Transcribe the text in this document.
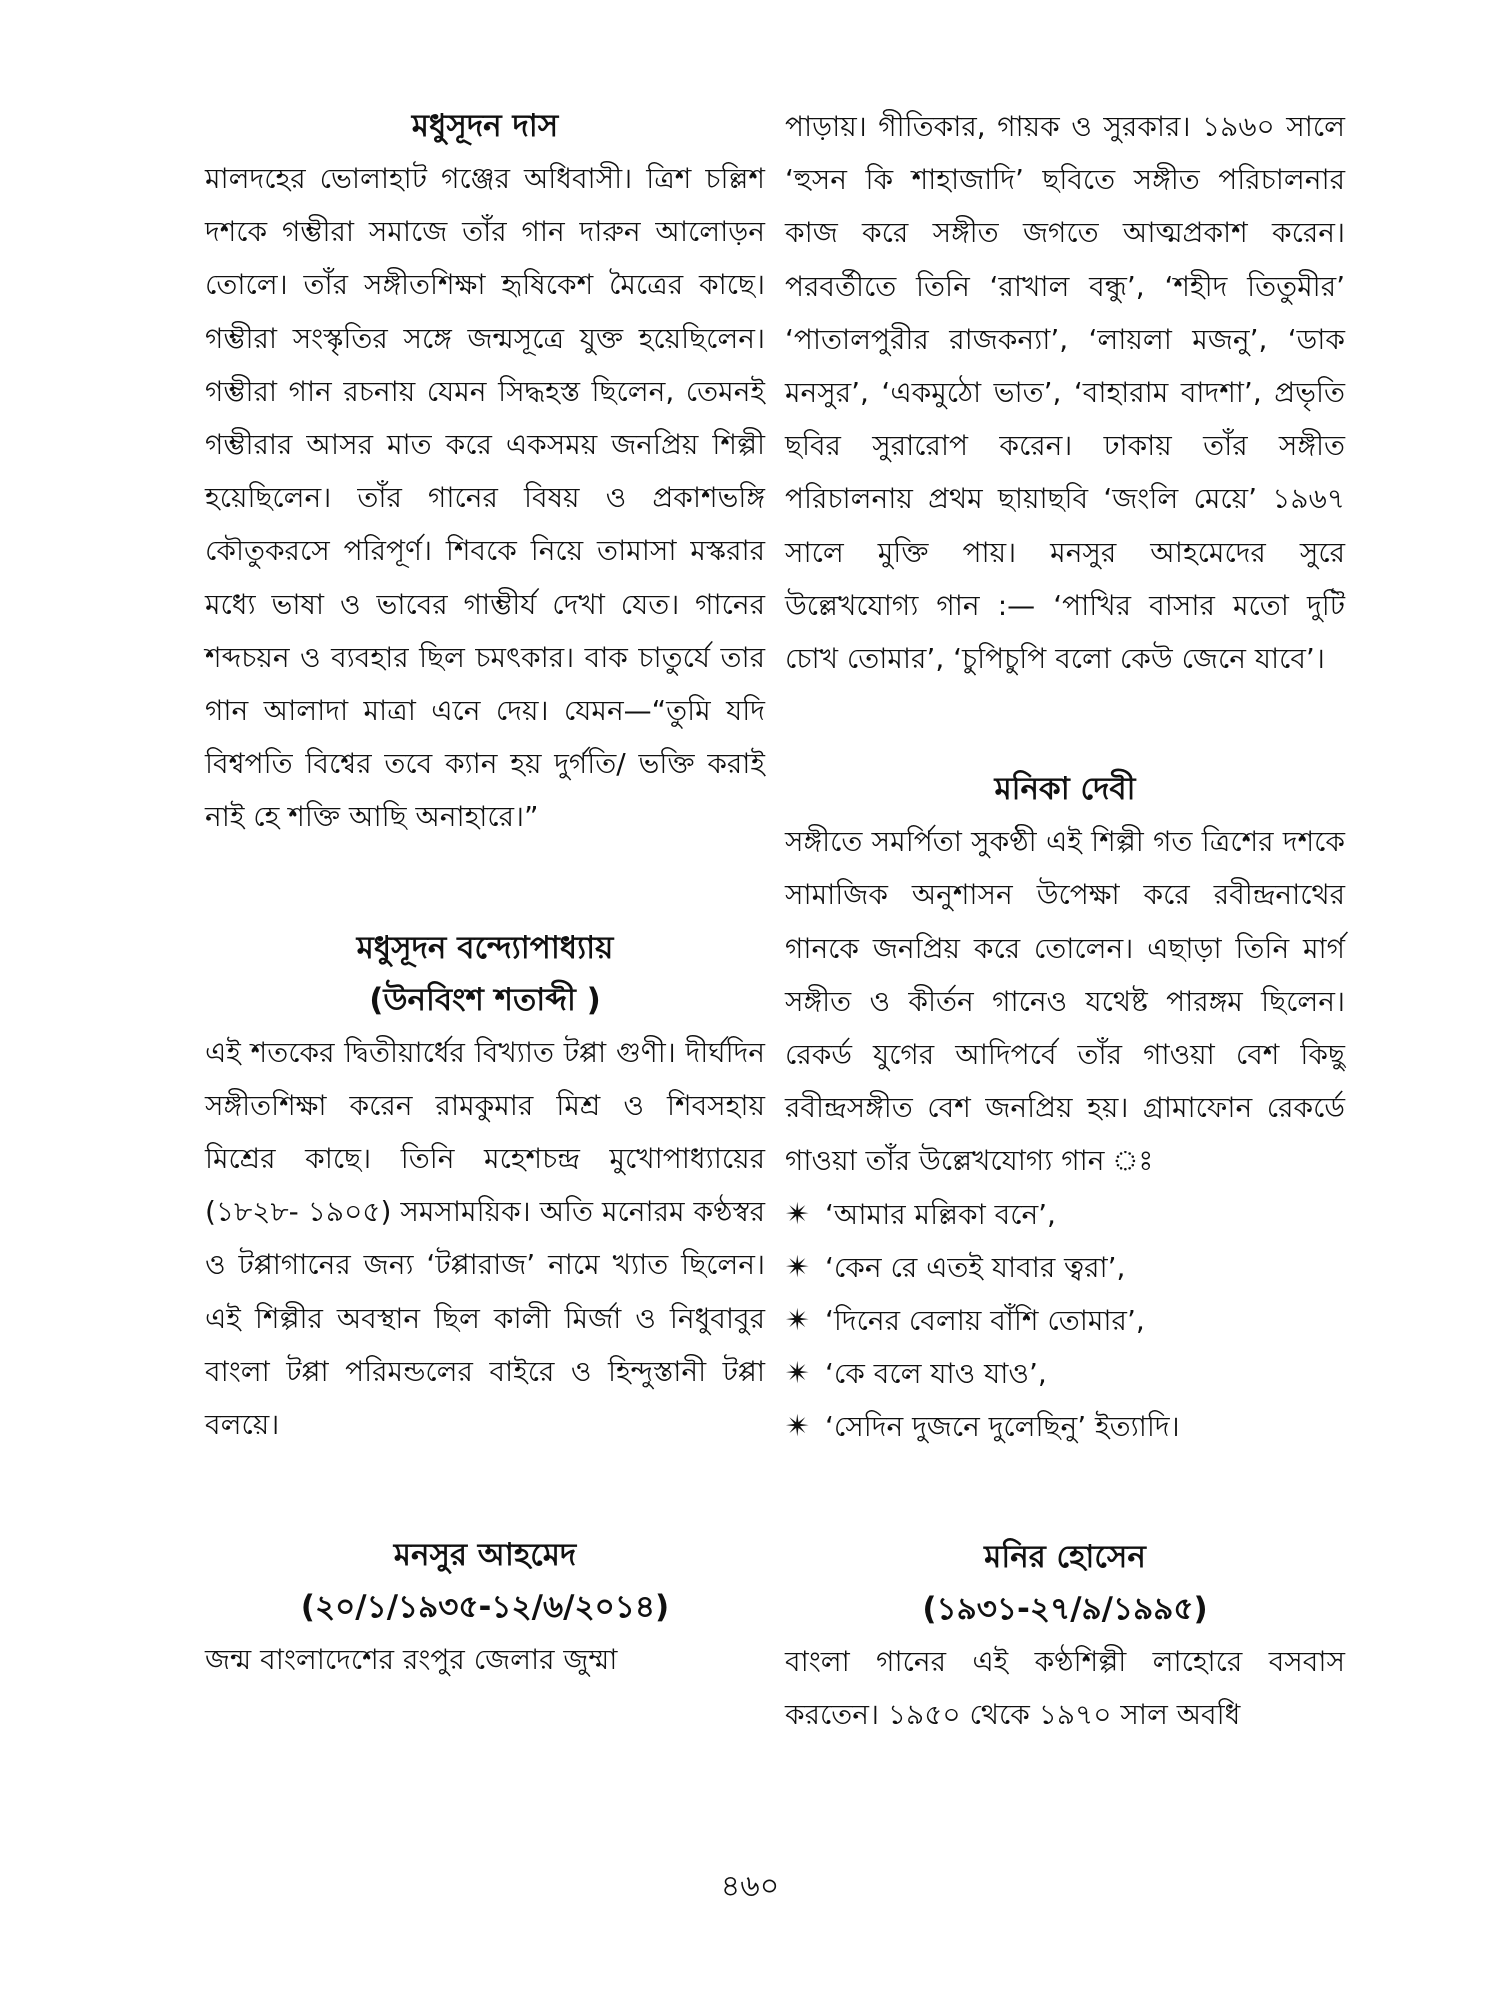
মধুসূদন দাস

মালদহের ভোলাহাট গঞ্জের অধিবাসী। ত্রিশ চল্লিশ দশকে গম্ভীরা সমাজে তাঁর গান দারুন আলোড়ন তোলে। তাঁর সঙ্গীতশিক্ষা হৃষিকেশ মৈত্রের কাছে। গম্ভীরা সংস্কৃতির সঙ্গে জন্মসূত্রে যুক্ত হয়েছিলেন। গম্ভীরা গান রচনায় যেমন সিদ্ধহস্ত ছিলেন, তেমনই গম্ভীরার আসর মাত করে একসময় জনপ্রিয় শিল্পী হয়েছিলেন। তাঁর গানের বিষয় ও প্রকাশভঙ্গি কৌতুকরসে পরিপূর্ণ। শিবকে নিয়ে তামাসা মস্করার মধ্যে ভাষা ও ভাবের গাম্ভীর্য দেখা যেত। গানের শব্দচয়ন ও ব্যবহার ছিল চমৎকার। বাক চাতুর্যে তার গান আলাদা মাত্রা এনে দেয়। যেমন—“তুমি যদি বিশ্বপতি বিশ্বের তবে ক্যান হয় দুর্গতি/ ভক্তি করাই নাই হে শক্তি আছি অনাহারে।”

মধুসূদন বন্দ্যোপাধ্যায়
(উনবিংশ শতাব্দী )

এই শতকের দ্বিতীয়ার্ধের বিখ্যাত টপ্পা গুণী। দীর্ঘদিন সঙ্গীতশিক্ষা করেন রামকুমার মিশ্র ও শিবসহায় মিশ্রের কাছে। তিনি মহেশচন্দ্র মুখোপাধ্যায়ের (১৮২৮- ১৯০৫) সমসাময়িক। অতি মনোরম কণ্ঠস্বর ও টপ্পাগানের জন্য ‘টপ্পারাজ’ নামে খ্যাত ছিলেন। এই শিল্পীর অবস্থান ছিল কালী মির্জা ও নিধুবাবুর বাংলা টপ্পা পরিমন্ডলের বাইরে ও হিন্দুস্তানী টপ্পা বলয়ে।

মনসুর আহমেদ
(২০/১/১৯৩৫-১২/৬/২০১৪)

জন্ম বাংলাদেশের রংপুর জেলার জুম্মা

পাড়ায়। গীতিকার, গায়ক ও সুরকার। ১৯৬০ সালে ‘হুসন কি শাহাজাদি’ ছবিতে সঙ্গীত পরিচালনার কাজ করে সঙ্গীত জগতে আত্মপ্রকাশ করেন। পরবর্তীতে তিনি ‘রাখাল বন্ধু’, ‘শহীদ তিতুমীর’ ‘পাতালপুরীর রাজকন্যা’, ‘লায়লা মজনু’, ‘ডাক মনসুর’, ‘একমুঠো ভাত’, ‘বাহারাম বাদশা’, প্রভৃতি ছবির সুরারোপ করেন। ঢাকায় তাঁর সঙ্গীত পরিচালনায় প্রথম ছায়াছবি ‘জংলি মেয়ে’ ১৯৬৭ সালে মুক্তি পায়। মনসুর আহমেদের সুরে উল্লেখযোগ্য গান :— ‘পাখির বাসার মতো দুটি চোখ তোমার’, ‘চুপিচুপি বলো কেউ জেনে যাবে’।

মনিকা দেবী

সঙ্গীতে সমর্পিতা সুকণ্ঠী এই শিল্পী গত ত্রিশের দশকে সামাজিক অনুশাসন উপেক্ষা করে রবীন্দ্রনাথের গানকে জনপ্রিয় করে তোলেন। এছাড়া তিনি মার্গ সঙ্গীত ও কীর্তন গানেও যথেষ্ট পারঙ্গম ছিলেন। রেকর্ড যুগের আদিপর্বে তাঁর গাওয়া বেশ কিছু রবীন্দ্রসঙ্গীত বেশ জনপ্রিয় হয়। গ্রামাফোন রেকর্ডে গাওয়া তাঁর উল্লেখযোগ্য গান ঃ

✴ ‘আমার মল্লিকা বনে’,
✴ ‘কেন রে এতই যাবার ত্বরা’,
✴ ‘দিনের বেলায় বাঁশি তোমার’,
✴ ‘কে বলে যাও যাও’,
✴ ‘সেদিন দুজনে দুলেছিনু’ ইত্যাদি।
মনির হোসেন
(১৯৩১-২৭/৯/১৯৯৫)

বাংলা গানের এই কণ্ঠশিল্পী লাহোরে বসবাস করতেন। ১৯৫০ থেকে ১৯৭০ সাল অবধি

৪৬০
